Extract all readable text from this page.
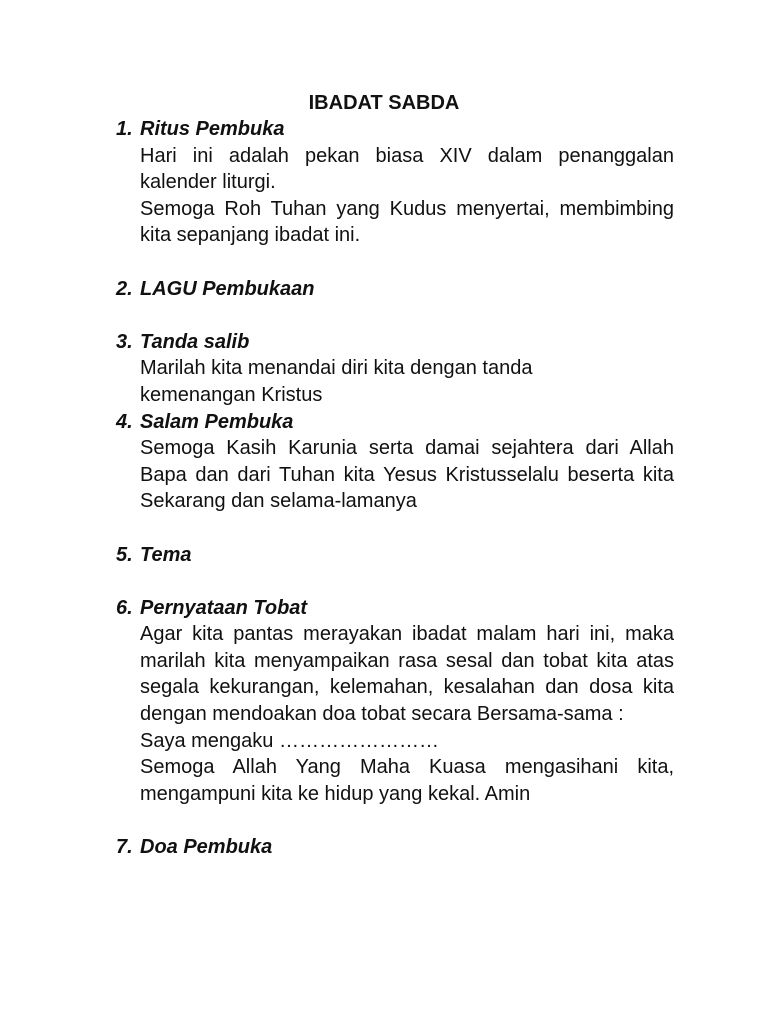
IBADAT SABDA
1. Ritus Pembuka

Hari ini adalah pekan biasa XIV dalam penanggalan kalender liturgi.

Semoga Roh Tuhan yang Kudus menyertai, membimbing kita sepanjang ibadat ini.

2. LAGU Pembukaan
3. Tanda salib

Marilah kita menandai diri kita dengan tanda kemenangan Kristus

4. Salam Pembuka

Semoga Kasih Karunia serta damai sejahtera dari Allah Bapa dan dari Tuhan kita Yesus Kristusselalu beserta kita Sekarang dan selama-lamanya

5. Tema
6. Pernyataan Tobat

Agar kita pantas merayakan ibadat malam hari ini, maka marilah kita menyampaikan rasa sesal dan tobat kita atas segala kekurangan, kelemahan, kesalahan dan dosa kita dengan mendoakan doa tobat secara Bersama-sama :

Saya mengaku ……………………

Semoga Allah Yang Maha Kuasa mengasihani kita, mengampuni kita ke hidup yang kekal. Amin

7. Doa Pembuka
